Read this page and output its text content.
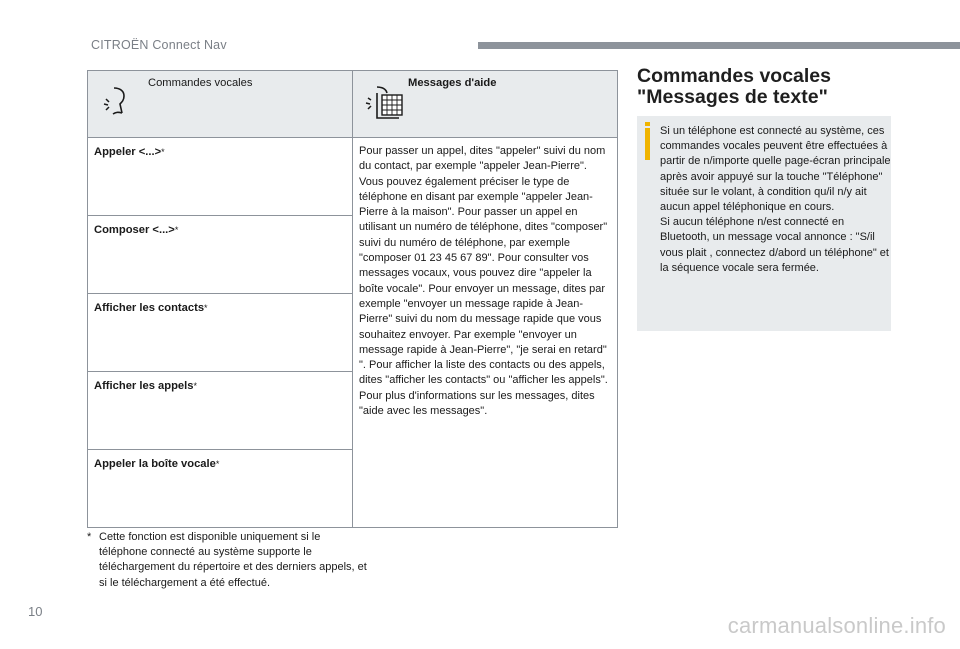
CITROËN Connect Nav
Commandes vocales	Messages d'aide

Appeler <...>*	Pour passer un appel, dites "appeler" suivi du nom du contact, par exemple "appeler Jean-Pierre". Vous pouvez également préciser le type de téléphone en disant par exemple "appeler Jean-Pierre à la maison". Pour passer un appel en utilisant un numéro de téléphone, dites "composer" suivi du numéro de téléphone, par exemple "composer 01 23 45 67 89". Pour consulter vos messages vocaux, vous pouvez dire "appeler la boîte vocale". Pour envoyer un message, dites par exemple "envoyer un message rapide à Jean-Pierre" suivi du nom du message rapide que vous souhaitez envoyer. Par exemple "envoyer un message rapide à Jean-Pierre", "je serai en retard" ". Pour afficher la liste des contacts ou des appels, dites "afficher les contacts" ou "afficher les appels". Pour plus d'informations sur les messages, dites "aide avec les messages".
Composer <...>*
Afficher les contacts*
Afficher les appels*
Appeler la boîte vocale*
* Cette fonction est disponible uniquement si le téléphone connecté au système supporte le téléchargement du répertoire et des derniers appels, et si le téléchargement a été effectué.
Commandes vocales
"Messages de texte"

Si un téléphone est connecté au système, ces commandes vocales peuvent être effectuées à partir de n/importe quelle page-écran principale après avoir appuyé sur la touche "Téléphone" située sur le volant, à condition qu/il n/y ait aucun appel téléphonique en cours.

Si aucun téléphone n/est connecté en Bluetooth, un message vocal annonce : "S/il vous plait , connectez d/abord un téléphone" et la séquence vocale sera fermée.

10
carmanualsonline.info
